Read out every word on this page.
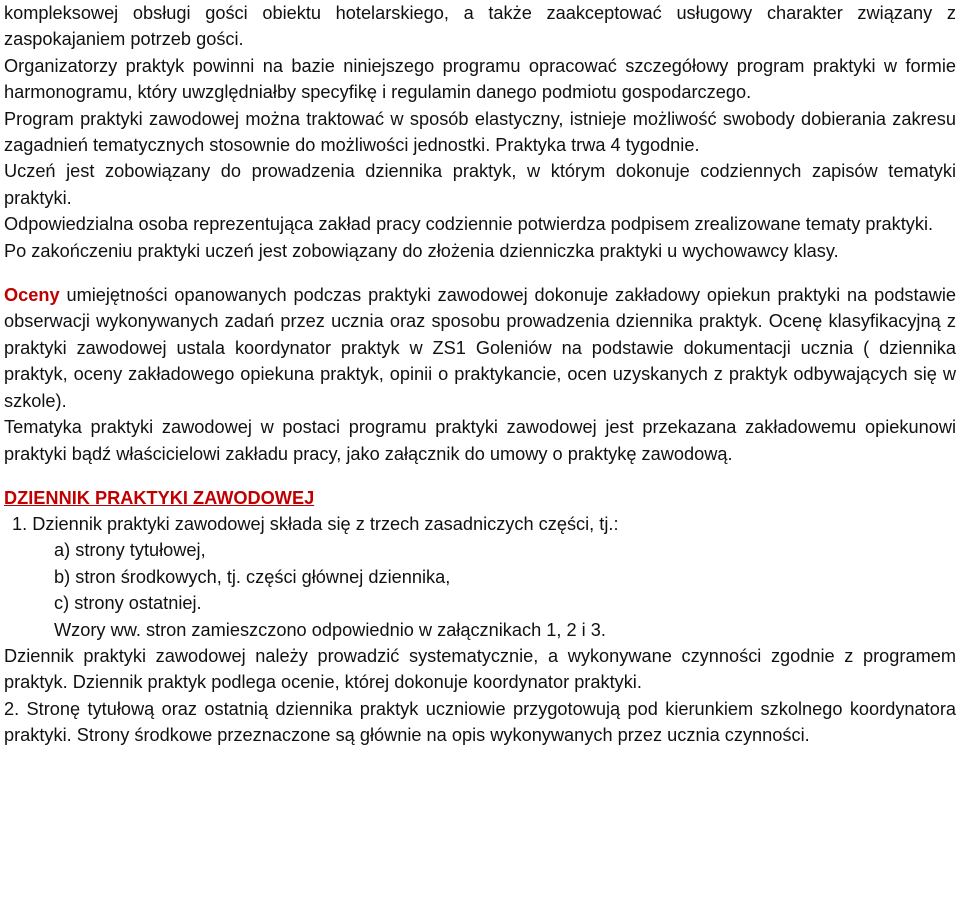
kompleksowej obsługi gości obiektu hotelarskiego, a także zaakceptować usługowy charakter związany z zaspokajaniem potrzeb gości.

Organizatorzy praktyk powinni na bazie niniejszego programu opracować szczegółowy program praktyki w formie harmonogramu, który uwzględniałby specyfikę i regulamin danego podmiotu gospodarczego.

Program praktyki zawodowej można traktować w sposób elastyczny, istnieje możliwość swobody dobierania zakresu zagadnień tematycznych stosownie do możliwości jednostki. Praktyka trwa 4 tygodnie.

Uczeń jest zobowiązany do prowadzenia dziennika praktyk, w którym dokonuje codziennych zapisów tematyki praktyki.

Odpowiedzialna osoba reprezentująca zakład pracy codziennie potwierdza podpisem zrealizowane tematy praktyki.

Po zakończeniu praktyki uczeń jest zobowiązany do złożenia dzienniczka praktyki u wychowawcy klasy.

Oceny umiejętności opanowanych podczas praktyki zawodowej dokonuje zakładowy opiekun praktyki na podstawie obserwacji wykonywanych zadań przez ucznia oraz sposobu prowadzenia dziennika praktyk. Ocenę klasyfikacyjną z praktyki zawodowej ustala koordynator praktyk w ZS1 Goleniów na podstawie dokumentacji ucznia ( dziennika praktyk, oceny zakładowego opiekuna praktyk, opinii o praktykancie, ocen uzyskanych z praktyk odbywających się w szkole).

Tematyka praktyki zawodowej w postaci programu praktyki zawodowej jest przekazana zakładowemu opiekunowi praktyki bądź właścicielowi zakładu pracy, jako załącznik do umowy o praktykę zawodową.

DZIENNIK PRAKTYKI ZAWODOWEJ

1. Dziennik praktyki zawodowej składa się z trzech zasadniczych części, tj.:

a) strony tytułowej,

b) stron środkowych, tj. części głównej dziennika,

c) strony ostatniej.

Wzory ww. stron zamieszczono odpowiednio w załącznikach 1, 2 i 3.

Dziennik praktyki zawodowej należy prowadzić systematycznie, a wykonywane czynności zgodnie z programem praktyk. Dziennik praktyk podlega ocenie, której dokonuje koordynator praktyki.

2. Stronę tytułową oraz ostatnią dziennika praktyk uczniowie przygotowują pod kierunkiem szkolnego koordynatora praktyki. Strony środkowe przeznaczone są głównie na opis wykonywanych przez ucznia czynności.
